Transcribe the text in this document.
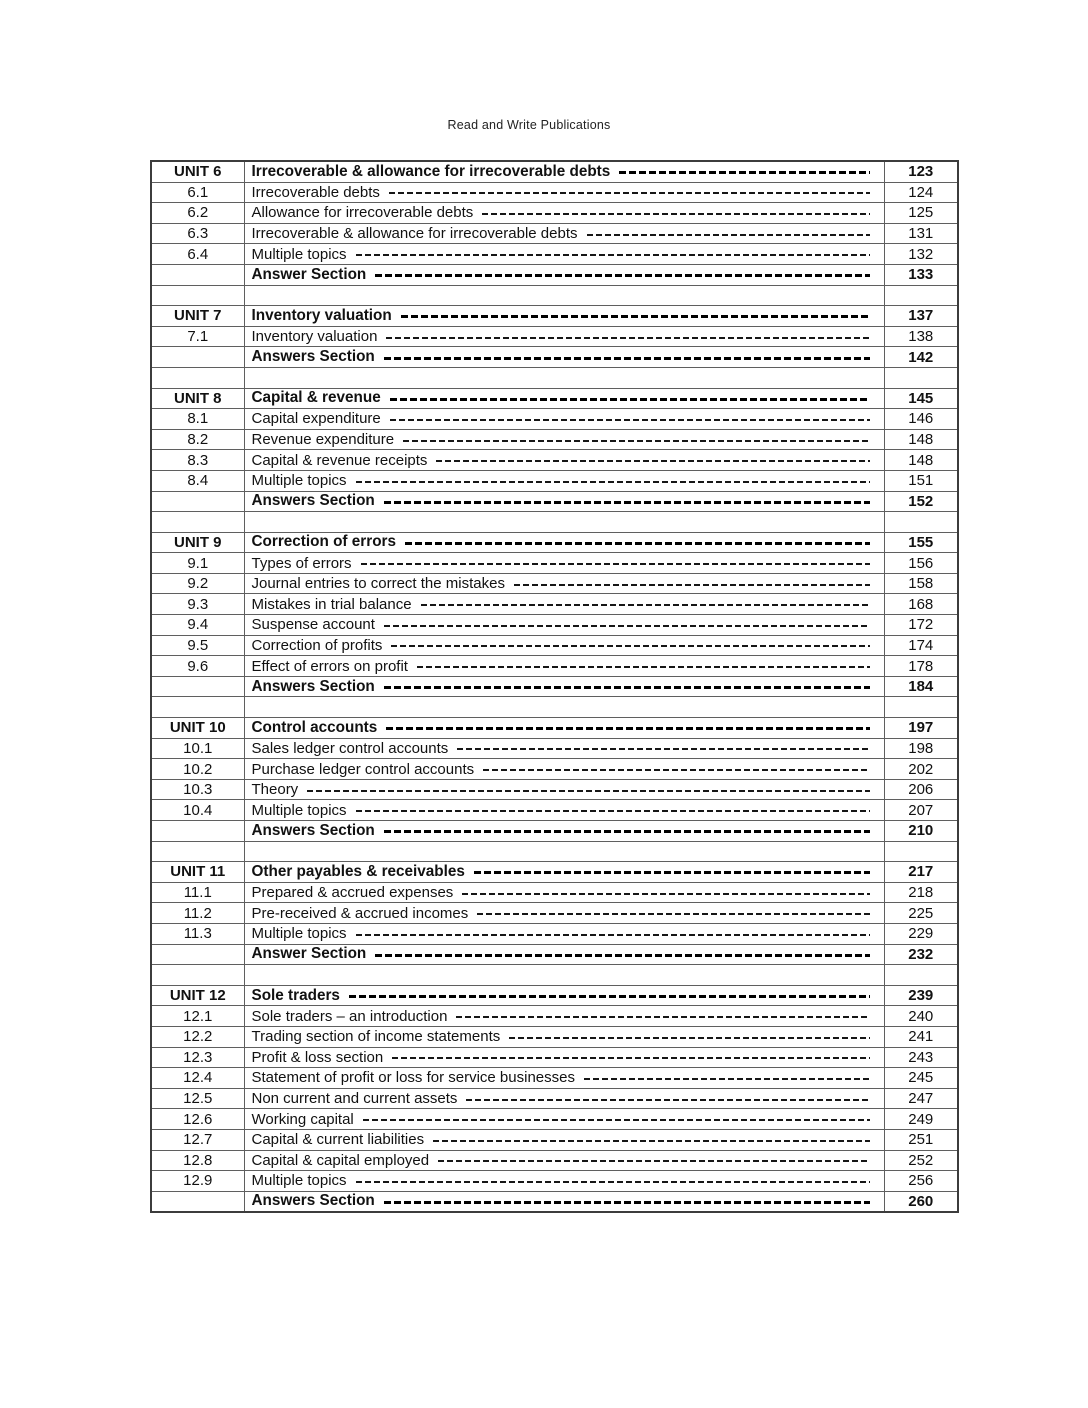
Read and Write Publications
UNIT 6	Irrecoverable & allowance for irrecoverable debts	123
6.1	Irrecoverable debts	124
6.2	Allowance for irrecoverable debts	125
6.3	Irrecoverable & allowance for irrecoverable debts	131
6.4	Multiple topics	132

	Answer Section	133

UNIT 7	Inventory valuation	137
7.1	Inventory valuation	138

	Answers Section	142

UNIT 8	Capital & revenue	145
8.1	Capital expenditure	146
8.2	Revenue expenditure	148
8.3	Capital & revenue receipts	148
8.4	Multiple topics	151

	Answers Section	152

UNIT 9	Correction of errors	155
9.1	Types of errors	156
9.2	Journal entries to correct the mistakes	158
9.3	Mistakes in trial balance	168
9.4	Suspense account	172
9.5	Correction of profits	174
9.6	Effect of errors on profit	178

	Answers Section	184

UNIT 10	Control accounts	197
10.1	Sales ledger control accounts	198
10.2	Purchase ledger control accounts	202
10.3	Theory	206
10.4	Multiple topics	207

	Answers Section	210

UNIT 11	Other payables & receivables	217
11.1	Prepared & accrued expenses	218
11.2	Pre-received & accrued incomes	225
11.3	Multiple topics	229

	Answer Section	232

UNIT 12	Sole traders	239
12.1	Sole traders – an introduction	240
12.2	Trading section of income statements	241
12.3	Profit & loss section	243
12.4	Statement of profit or loss for service businesses	245
12.5	Non current and current assets	247
12.6	Working capital	249
12.7	Capital & current liabilities	251
12.8	Capital & capital employed	252
12.9	Multiple topics	256

	Answers Section	260
